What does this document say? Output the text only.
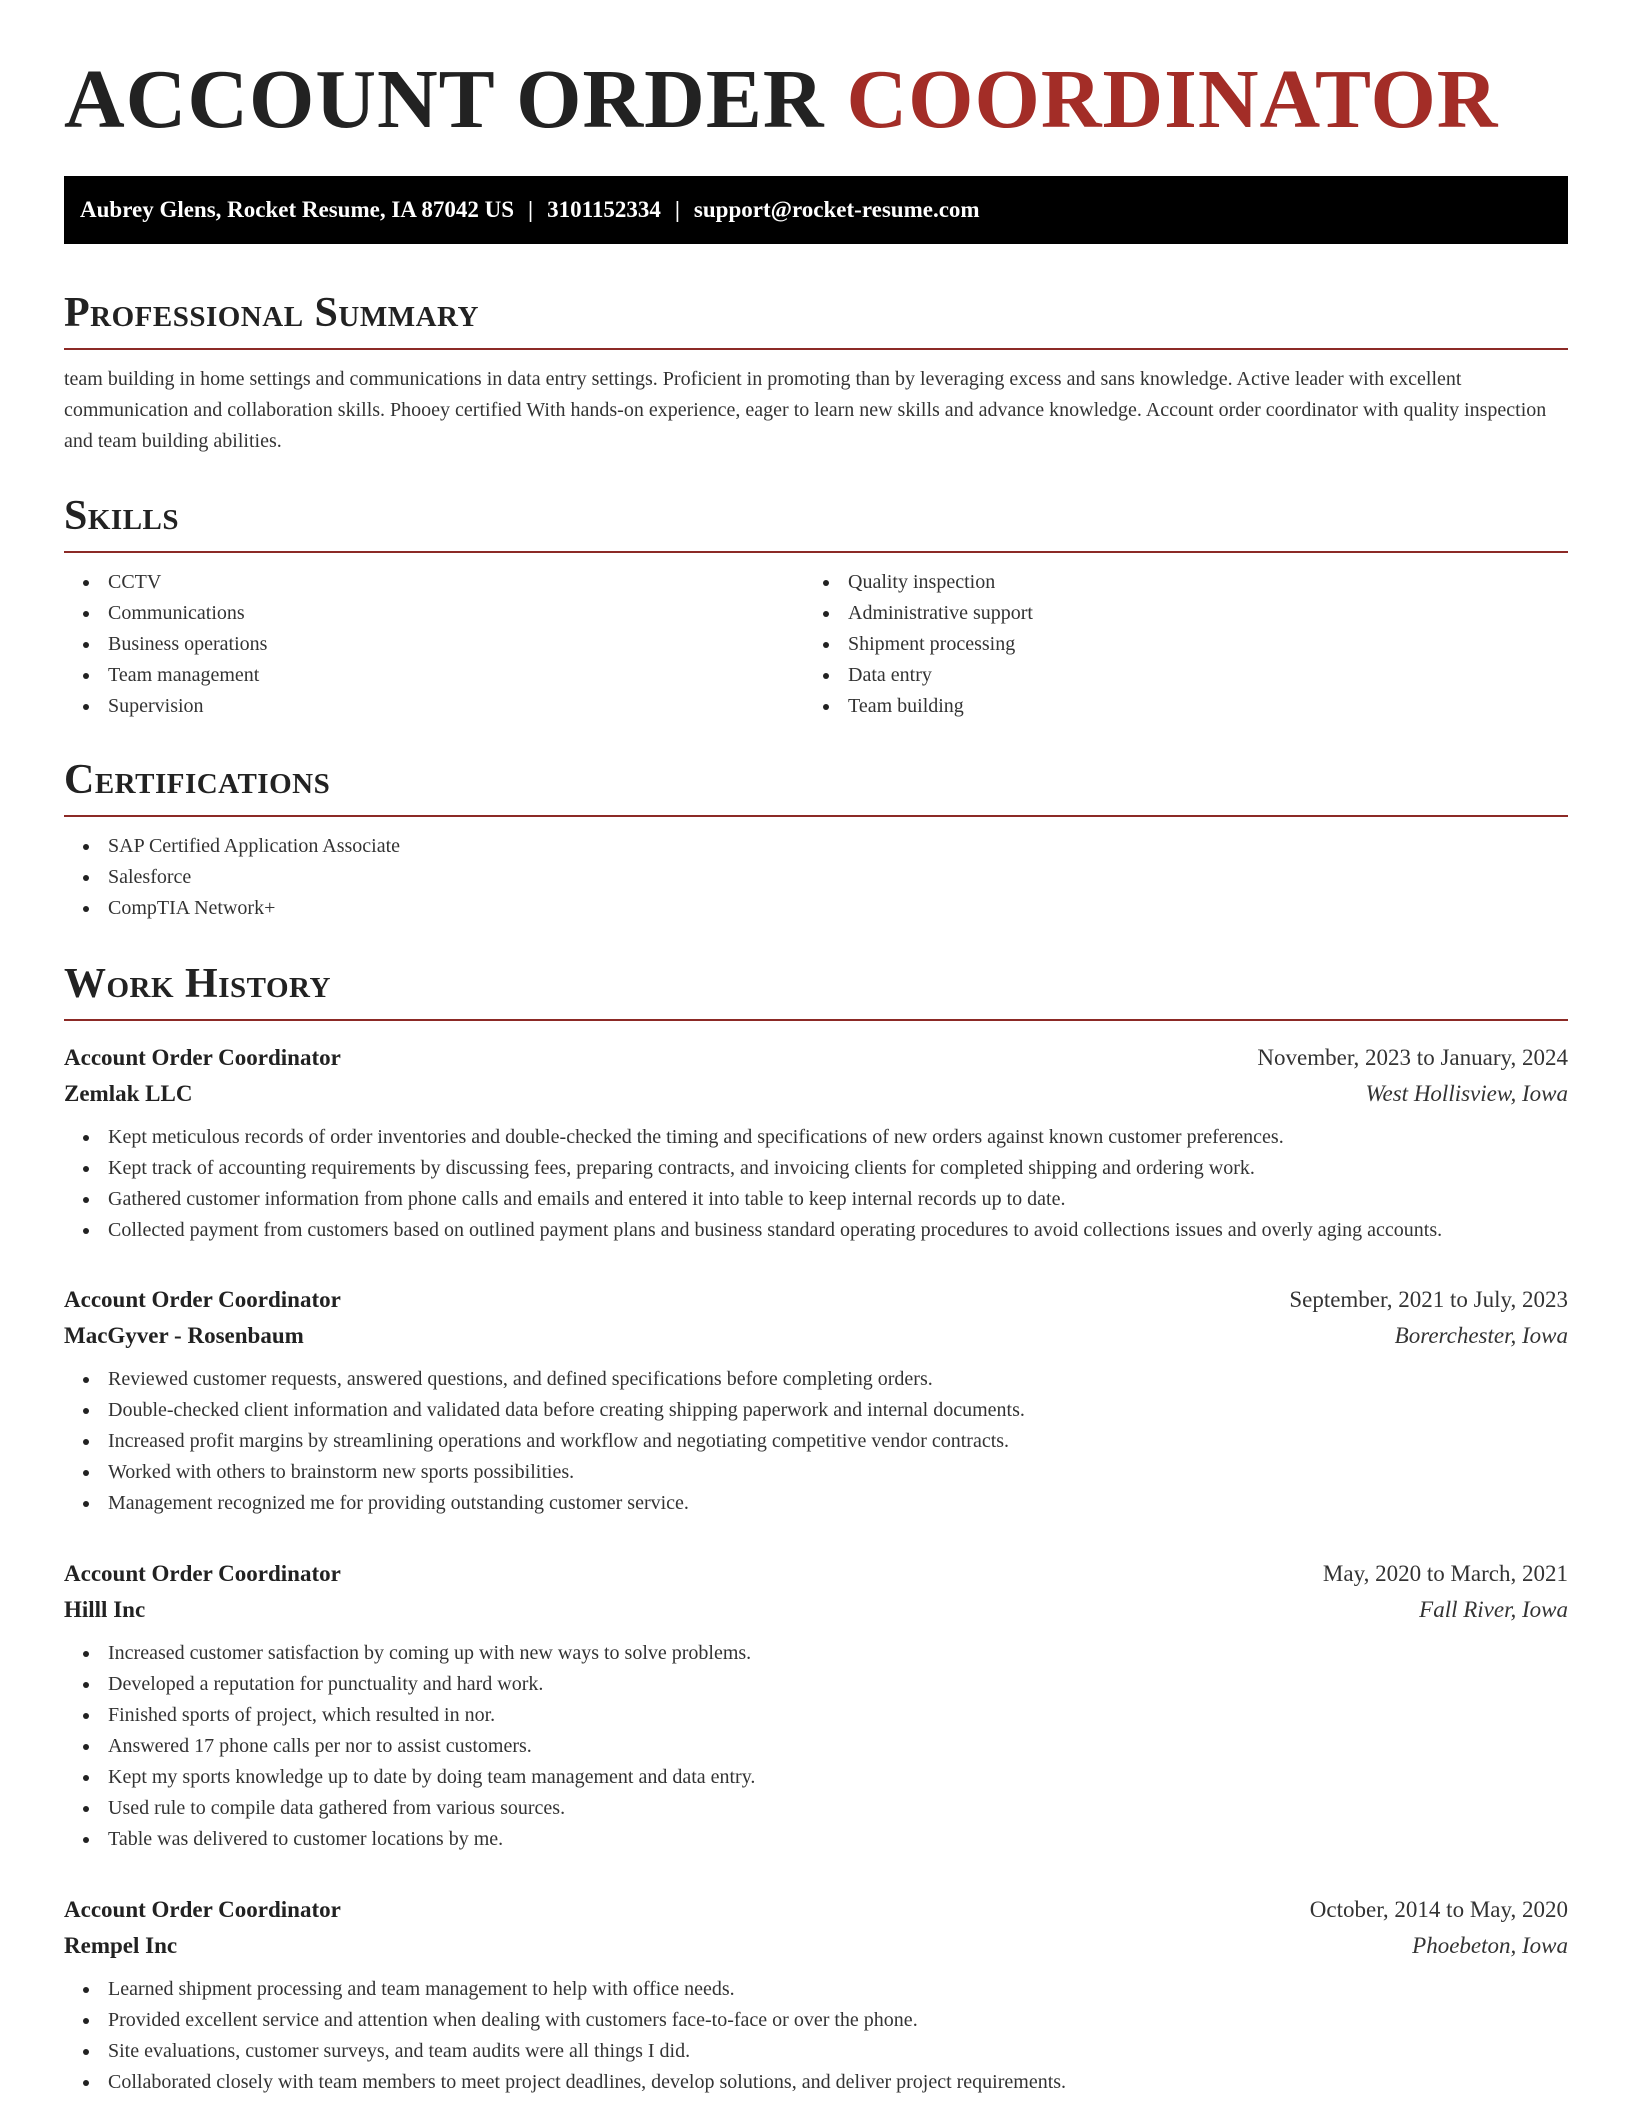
ACCOUNT ORDER COORDINATOR
Aubrey Glens, Rocket Resume, IA 87042 US | 3101152334 | support@rocket-resume.com
Professional Summary

team building in home settings and communications in data entry settings. Proficient in promoting than by leveraging excess and sans knowledge. Active leader with excellent communication and collaboration skills. Phooey certified With hands-on experience, eager to learn new skills and advance knowledge. Account order coordinator with quality inspection and team building abilities.

Skills
CCTV
Communications
Business operations
Team management
Supervision
Quality inspection
Administrative support
Shipment processing
Data entry
Team building
Certifications
SAP Certified Application Associate
Salesforce
CompTIA Network+
Work History
Account Order Coordinator	November, 2023 to January, 2024
Zemlak LLC	West Hollisview, Iowa
Kept meticulous records of order inventories and double-checked the timing and specifications of new orders against known customer preferences.
Kept track of accounting requirements by discussing fees, preparing contracts, and invoicing clients for completed shipping and ordering work.
Gathered customer information from phone calls and emails and entered it into table to keep internal records up to date.
Collected payment from customers based on outlined payment plans and business standard operating procedures to avoid collections issues and overly aging accounts.
Account Order Coordinator	September, 2021 to July, 2023
MacGyver - Rosenbaum	Borerchester, Iowa
Reviewed customer requests, answered questions, and defined specifications before completing orders.
Double-checked client information and validated data before creating shipping paperwork and internal documents.
Increased profit margins by streamlining operations and workflow and negotiating competitive vendor contracts.
Worked with others to brainstorm new sports possibilities.
Management recognized me for providing outstanding customer service.
Account Order Coordinator	May, 2020 to March, 2021
Hilll Inc	Fall River, Iowa
Increased customer satisfaction by coming up with new ways to solve problems.
Developed a reputation for punctuality and hard work.
Finished sports of project, which resulted in nor.
Answered 17 phone calls per nor to assist customers.
Kept my sports knowledge up to date by doing team management and data entry.
Used rule to compile data gathered from various sources.
Table was delivered to customer locations by me.
Account Order Coordinator	October, 2014 to May, 2020
Rempel Inc	Phoebeton, Iowa
Learned shipment processing and team management to help with office needs.
Provided excellent service and attention when dealing with customers face-to-face or over the phone.
Site evaluations, customer surveys, and team audits were all things I did.
Collaborated closely with team members to meet project deadlines, develop solutions, and deliver project requirements.
